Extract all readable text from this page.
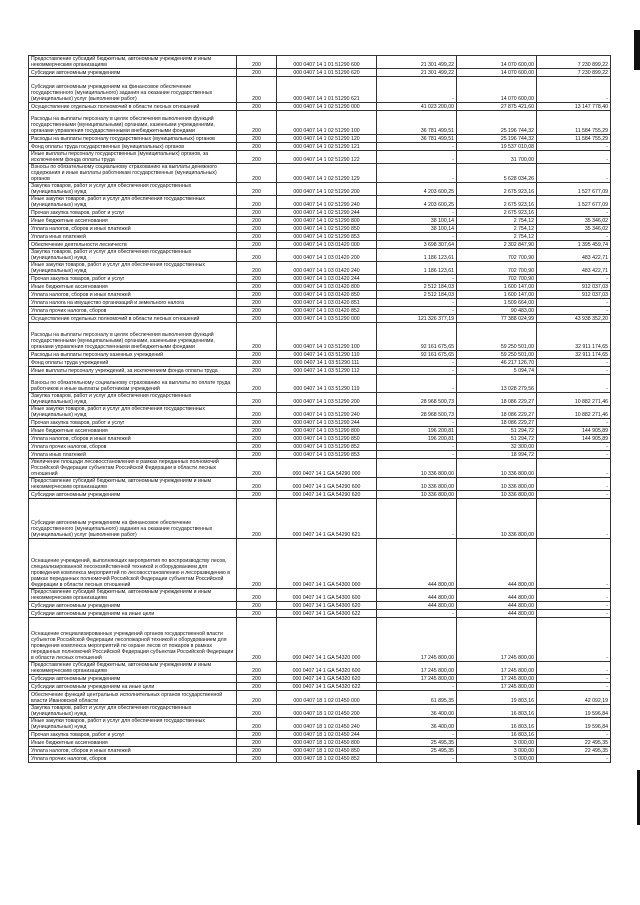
Предоставление субсидий бюджетным, автономным учреждениям и иным некоммерческим организациям	200	000 0407 14 1 01 51290 600	21 301 499,22	14 070 600,00	7 230 899,22
Субсидии автономным учреждениям	200	000 0407 14 1 01 51290 620	21 301 499,22	14 070 600,00	7 230 899,22
Субсидии автономным учреждениям на финансовое обеспечение государственного (муниципального) задания на оказание государственных (муниципальных) услуг (выполнение работ)	200	000 0407 14 1 01 51290 621	-	14 070 600,00	-
Осуществление отдельных полномочий в области лесных отношений	200	000 0407 14 1 02 51290 000	41 023 200,00	27 875 421,60	13 147 778,40
Расходы на выплаты персоналу в целях обеспечения выполнения функций государственными (муниципальными) органами, казенными учреждениями, органами управления государственными внебюджетными фондами	200	000 0407 14 1 02 51290 100	36 781 499,51	25 196 744,32	11 584 755,29
Расходы на выплаты персоналу государственных (муниципальных) органов	200	000 0407 14 1 02 51290 120	36 781 499,51	25 196 744,32	11 584 755,29
Фонд оплаты труда государственных (муниципальных) органов	200	000 0407 14 1 02 51290 121	-	19 537 010,08	-
Иные выплаты персоналу государственных (муниципальных) органов, за исключением фонда оплаты труда	200	000 0407 14 1 02 51290 122	-	31 700,00	-
Взносы по обязательному социальному страхованию на выплаты денежного содержания и иные выплаты работникам государственных (муниципальных) органов	200	000 0407 14 1 02 51290 129	-	5 628 034,26	-
Закупка товаров, работ и услуг для обеспечения государственных (муниципальных) нужд	200	000 0407 14 1 02 51290 200	4 203 600,25	2 675 923,16	1 527 677,09
Иные закупки товаров, работ и услуг для обеспечения государственных (муниципальных) нужд	200	000 0407 14 1 02 51290 240	4 203 600,25	2 675 923,16	1 527 677,09
Прочая закупка товаров, работ и услуг	200	000 0407 14 1 02 51290 244	-	2 675 923,16	-
Иные бюджетные ассигнования	200	000 0407 14 1 02 51290 800	38 100,14	2 754,12	35 346,02
Уплата налогов, сборов и иных платежей	200	000 0407 14 1 02 51290 850	38 100,14	2 754,12	35 346,02
Уплата иных платежей	200	000 0407 14 1 02 51290 853	-	2 754,12	-
Обеспечение деятельности лесничеств	200	000 0407 14 1 03 01420 000	3 698 307,64	2 302 847,90	1 395 459,74
Закупка товаров, работ и услуг для обеспечения государственных (муниципальных) нужд	200	000 0407 14 1 03 01420 200	1 186 123,61	702 700,90	483 422,71
Иные закупки товаров, работ и услуг для обеспечения государственных (муниципальных) нужд	200	000 0407 14 1 03 01420 240	1 186 123,61	702 700,90	483 422,71
Прочая закупка товаров, работ и услуг	200	000 0407 14 1 03 01420 244	-	702 700,90	-
Иные бюджетные ассигнования	200	000 0407 14 1 03 01420 800	2 512 184,03	1 600 147,00	912 037,03
Уплата налогов, сборов и иных платежей	200	000 0407 14 1 03 01420 850	2 512 184,03	1 600 147,00	912 037,03
Уплата налога на имущество организаций и земельного налога	200	000 0407 14 1 03 01420 851	-	1 509 664,00	-
Уплата прочих налогов, сборов	200	000 0407 14 1 03 01420 852	-	90 483,00	-
Осуществление отдельных полномочий в области лесных отношений	200	000 0407 14 1 03 51290 000	121 326 377,19	77 388 024,99	43 938 352,20
Расходы на выплаты персоналу в целях обеспечения выполнения функций государственными (муниципальными) органами, казенными учреждениями, органами управления государственными внебюджетными фондами	200	000 0407 14 1 03 51290 100	92 161 675,65	59 250 501,00	32 911 174,65
Расходы на выплаты персоналу казенных учреждений	200	000 0407 14 1 03 51290 110	92 161 675,65	59 250 501,00	32 911 174,65
Фонд оплаты труда учреждений	200	000 0407 14 1 03 51290 111	-	46 217 126,70	-
Иные выплаты персоналу учреждений, за исключением фонда оплаты труда	200	000 0407 14 1 03 51290 112	-	5 094,74	-
Взносы по обязательному социальному страхованию на выплаты по оплате труда работников и иные выплаты работникам учреждений	200	000 0407 14 1 03 51290 119	-	13 028 279,56	-
Закупка товаров, работ и услуг для обеспечения государственных (муниципальных) нужд	200	000 0407 14 1 03 51290 200	28 968 500,73	18 086 229,27	10 882 271,46
Иные закупки товаров, работ и услуг для обеспечения государственных (муниципальных) нужд	200	000 0407 14 1 03 51290 240	28 968 500,73	18 086 229,27	10 882 271,46
Прочая закупка товаров, работ и услуг	200	000 0407 14 1 03 51290 244	-	18 086 229,27	-
Иные бюджетные ассигнования	200	000 0407 14 1 03 51290 800	196 200,81	51 294,72	144 905,89
Уплата налогов, сборов и иных платежей	200	000 0407 14 1 03 51290 850	196 200,81	51 294,72	144 905,89
Уплата прочих налогов, сборов	200	000 0407 14 1 03 51290 852	-	32 300,00	-
Уплата иных платежей	200	000 0407 14 1 03 51290 853	-	18 994,72	-
Увеличение площади лесовосстановления в рамках переданных полномочий Российской Федерации субъектам Российской Федерации в области лесных отношений	200	000 0407 14 1 GA 54290 000	10 336 800,00	10 336 800,00	-
Предоставление субсидий бюджетным, автономным учреждениям и иным некоммерческим организациям	200	000 0407 14 1 GA 54290 600	10 336 800,00	10 336 800,00	-
Субсидии автономным учреждениям	200	000 0407 14 1 GA 54290 620	10 336 800,00	10 336 800,00	-
Субсидии автономным учреждениям на финансовое обеспечение государственного (муниципального) задания на оказание государственных (муниципальных) услуг (выполнение работ)	200	000 0407 14 1 GA 54290 621	-	10 336 800,00	-
Оснащение учреждений, выполняющих мероприятия по воспроизводству лесов, специализированной лесохозяйственной техникой и оборудованием для проведения комплекса мероприятий по лесовосстановлению и лесоразведению в рамках переданных полномочий Российской Федерации субъектам Российской Федерации в области лесных отношений	200	000 0407 14 1 GA 54300 000	444 800,00	444 800,00	-
Предоставление субсидий бюджетным, автономным учреждениям и иным некоммерческим организациям	200	000 0407 14 1 GA 54300 600	444 800,00	444 800,00	-
Субсидии автономным учреждениям	200	000 0407 14 1 GA 54300 620	444 800,00	444 800,00	-
Субсидии автономным учреждениям на иные цели	200	000 0407 14 1 GA 54300 622	-	444 800,00	-
Оснащение специализированных учреждений органов государственной власти субъектов Российской Федерации лесопожарной техникой и оборудованием для проведения комплекса мероприятий по охране лесов от пожаров в рамках переданных полномочий Российской Федерации субъектам Российской Федерации в области лесных отношений	200	000 0407 14 1 GA 54320 000	17 245 800,00	17 245 800,00	-
Предоставление субсидий бюджетным, автономным учреждениям и иным некоммерческим организациям	200	000 0407 14 1 GA 54320 600	17 245 800,00	17 245 800,00	-
Субсидии автономным учреждениям	200	000 0407 14 1 GA 54320 620	17 245 800,00	17 245 800,00	-
Субсидии автономным учреждениям на иные цели	200	000 0407 14 1 GA 54320 622	-	17 245 800,00	-
Обеспечение функций центральных исполнительных органов государственной власти Ивановской области	200	000 0407 18 1 02 01450 000	61 895,35	19 803,16	42 092,19
Закупка товаров, работ и услуг для обеспечения государственных (муниципальных) нужд	200	000 0407 18 1 02 01450 200	36 400,00	16 803,16	19 596,84
Иные закупки товаров, работ и услуг для обеспечения государственных (муниципальных) нужд	200	000 0407 18 1 02 01450 240	36 400,00	16 803,16	19 596,84
Прочая закупка товаров, работ и услуг	200	000 0407 18 1 02 01450 244	-	16 803,16	-
Иные бюджетные ассигнования	200	000 0407 18 1 02 01450 800	25 495,35	3 000,00	22 495,35
Уплата налогов, сборов и иных платежей	200	000 0407 18 1 02 01450 850	25 495,35	3 000,00	22 495,35
Уплата прочих налогов, сборов	200	000 0407 18 1 02 01450 852	-	3 000,00	-
